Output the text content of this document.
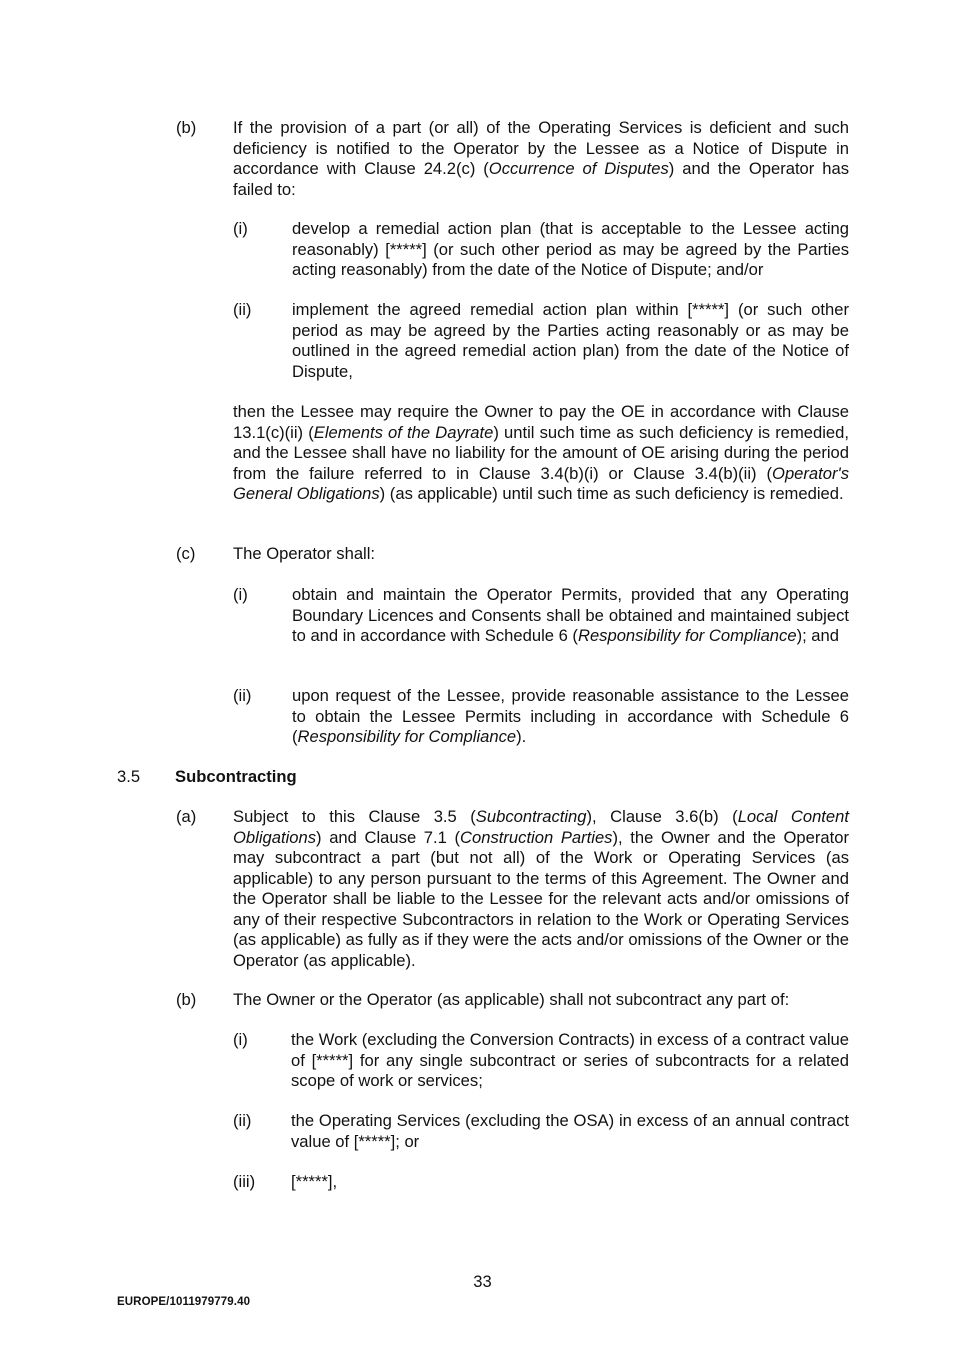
(b) If the provision of a part (or all) of the Operating Services is deficient and such deficiency is notified to the Operator by the Lessee as a Notice of Dispute in accordance with Clause 24.2(c) (Occurrence of Disputes) and the Operator has failed to:
(i)	develop a remedial action plan (that is acceptable to the Lessee acting reasonably) [*****] (or such other period as may be agreed by the Parties acting reasonably) from the date of the Notice of Dispute; and/or
(ii) implement the agreed remedial action plan within [*****] (or such other period as may be agreed by the Parties acting reasonably or as may be outlined in the agreed remedial action plan) from the date of the Notice of Dispute,
then the Lessee may require the Owner to pay the OE in accordance with Clause 13.1(c)(ii) (Elements of the Dayrate) until such time as such deficiency is remedied, and the Lessee shall have no liability for the amount of OE arising during the period from the failure referred to in Clause 3.4(b)(i) or Clause 3.4(b)(ii) (Operator's General Obligations) (as applicable) until such time as such deficiency is remedied.
(c) The Operator shall:
(i)	obtain and maintain the Operator Permits, provided that any Operating Boundary Licences and Consents shall be obtained and maintained subject to and in accordance with Schedule 6 (Responsibility for Compliance); and
(ii) upon request of the Lessee, provide reasonable assistance to the Lessee to obtain the Lessee Permits including in accordance with Schedule 6 (Responsibility for Compliance).
3.5 Subcontracting
(a) Subject to this Clause 3.5 (Subcontracting), Clause 3.6(b) (Local Content Obligations) and Clause 7.1 (Construction Parties), the Owner and the Operator may subcontract a part (but not all) of the Work or Operating Services (as applicable) to any person pursuant to the terms of this Agreement. The Owner and the Operator shall be liable to the Lessee for the relevant acts and/or omissions of any of their respective Subcontractors in relation to the Work or Operating Services (as applicable) as fully as if they were the acts and/or omissions of the Owner or the Operator (as applicable).
(b) The Owner or the Operator (as applicable) shall not subcontract any part of:
(i)	the Work (excluding the Conversion Contracts) in excess of a contract value of [*****] for any single subcontract or series of subcontracts for a related scope of work or services;
(ii) the Operating Services (excluding the OSA) in excess of an annual contract value of [*****]; or
(iii) [*****],
33
EUROPE/1011979779.40
